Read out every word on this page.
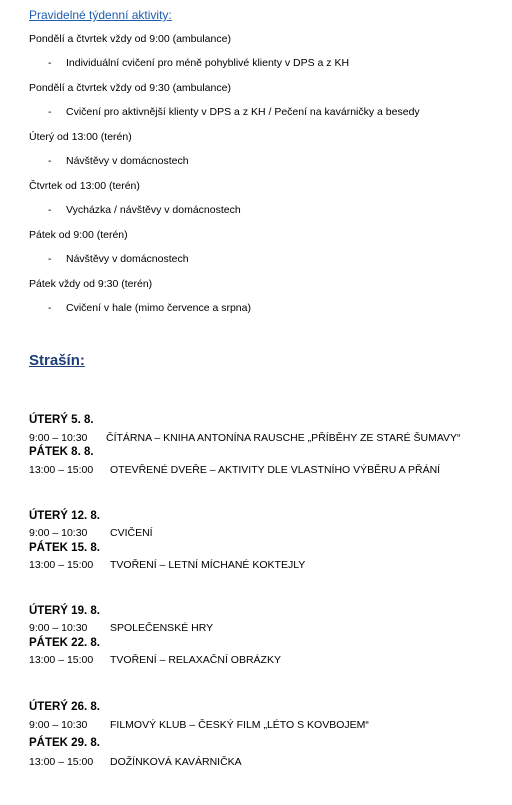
Pravidelné týdenní aktivity:
Pondělí a čtvrtek vždy od 9:00 (ambulance)
- Individuální cvičení pro méně pohyblivé klienty v DPS a z KH
Pondělí a čtvrtek vždy od 9:30 (ambulance)
- Cvičení pro aktivnější klienty v DPS a z KH / Pečení na kavárničky a besedy
Úterý od 13:00 (terén)
- Návštěvy v domácnostech
Čtvrtek od 13:00 (terén)
- Vycházka / návštěvy v domácnostech
Pátek od 9:00 (terén)
- Návštěvy v domácnostech
Pátek vždy od 9:30 (terén)
- Cvičení v hale (mimo července a srpna)
Strašín:
ÚTERÝ 5. 8.
9:00 – 10:30 ČÍTÁRNA – KNIHA ANTONÍNA RAUSCHE „PŘÍBĚHY ZE STARÉ ŠUMAVY“
PÁTEK 8. 8.
13:00 – 15:00 OTEVŘENÉ DVEŘE – AKTIVITY DLE VLASTNÍHO VÝBĚRU A PŘÁNÍ
ÚTERÝ 12. 8.
9:00 – 10:30 CVIČENÍ
PÁTEK 15. 8.
13:00 – 15:00 TVOŘENÍ – LETNÍ MÍCHANÉ KOKTEJLY
ÚTERÝ 19. 8.
9:00 – 10:30 SPOLEČENSKÉ HRY
PÁTEK 22. 8.
13:00 – 15:00 TVOŘENÍ – RELAXAČNÍ OBRÁZKY
ÚTERÝ 26. 8.
9:00 – 10:30 FILMOVÝ KLUB – ČESKÝ FILM „LÉTO S KOVBOJEM“
PÁTEK 29. 8.
13:00 – 15:00 DOŽÍNKOVÁ KAVÁRNIČKA
